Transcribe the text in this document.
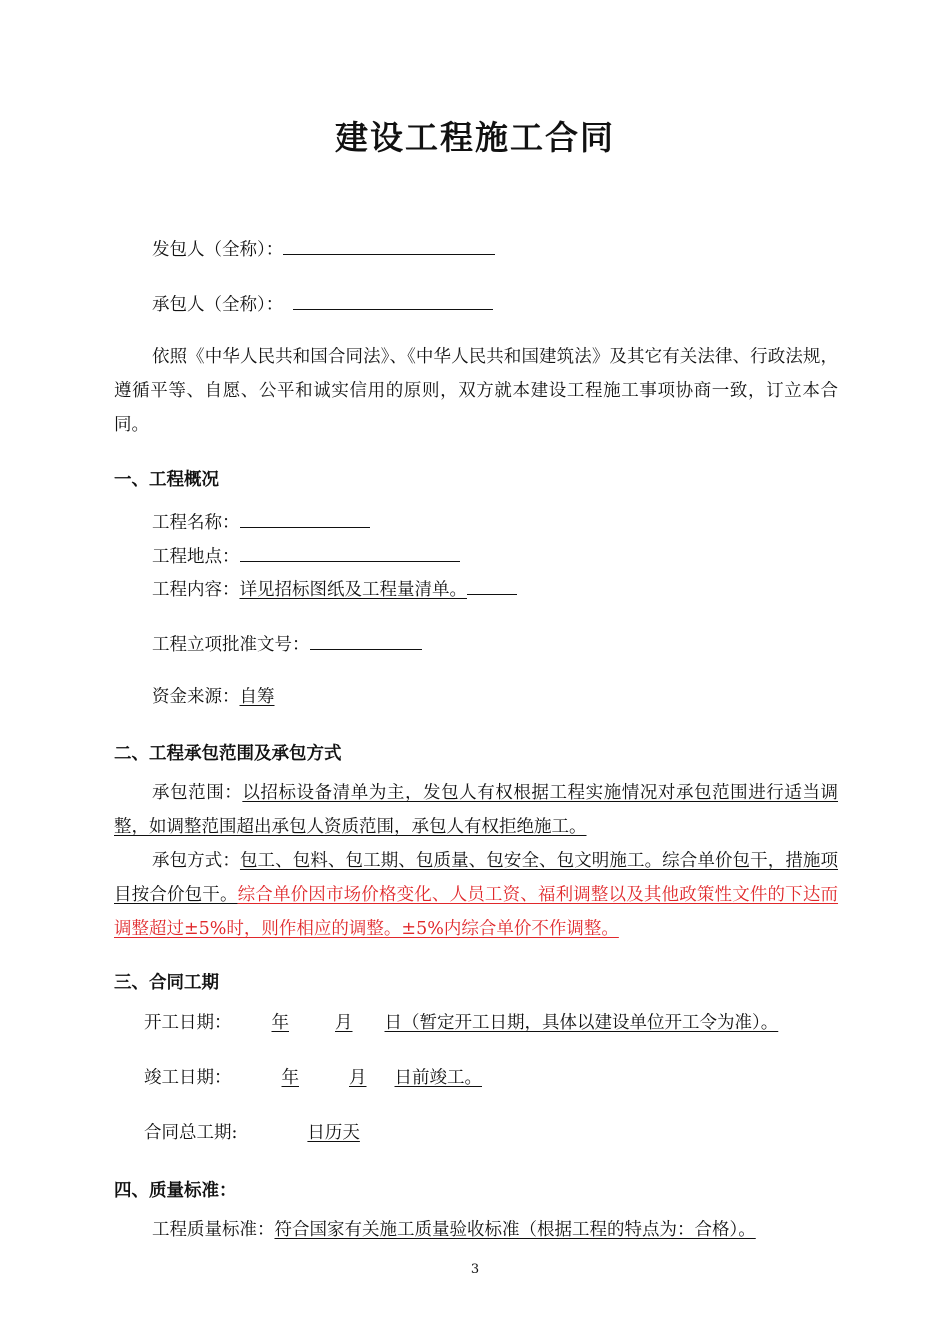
建设工程施工合同
发包人（全称）：
承包人（全称）：
依照《中华人民共和国合同法》、《中华人民共和国建筑法》及其它有关法律、行政法规，遵循平等、自愿、公平和诚实信用的原则，双方就本建设工程施工事项协商一致，订立本合同。
一、工程概况
工程名称：
工程地点：
工程内容：详见招标图纸及工程量清单。
工程立项批准文号：
资金来源：自筹
二、工程承包范围及承包方式
承包范围：以招标设备清单为主，发包人有权根据工程实施情况对承包范围进行适当调整，如调整范围超出承包人资质范围，承包人有权拒绝施工。
承包方式：包工、包料、包工期、包质量、包安全、包文明施工。综合单价包干，措施项目按合价包干。综合单价因市场价格变化、人员工资、福利调整以及其他政策性文件的下达而调整超过±5%时，则作相应的调整。±5%内综合单价不作调整。
三、合同工期
开工日期： 年	月 日（暂定开工日期，具体以建设单位开工令为准）。
竣工日期：	年	月 日前竣工。
合同总工期:	日历天
四、质量标准：
工程质量标准：符合国家有关施工质量验收标准（根据工程的特点为：合格）。
3
